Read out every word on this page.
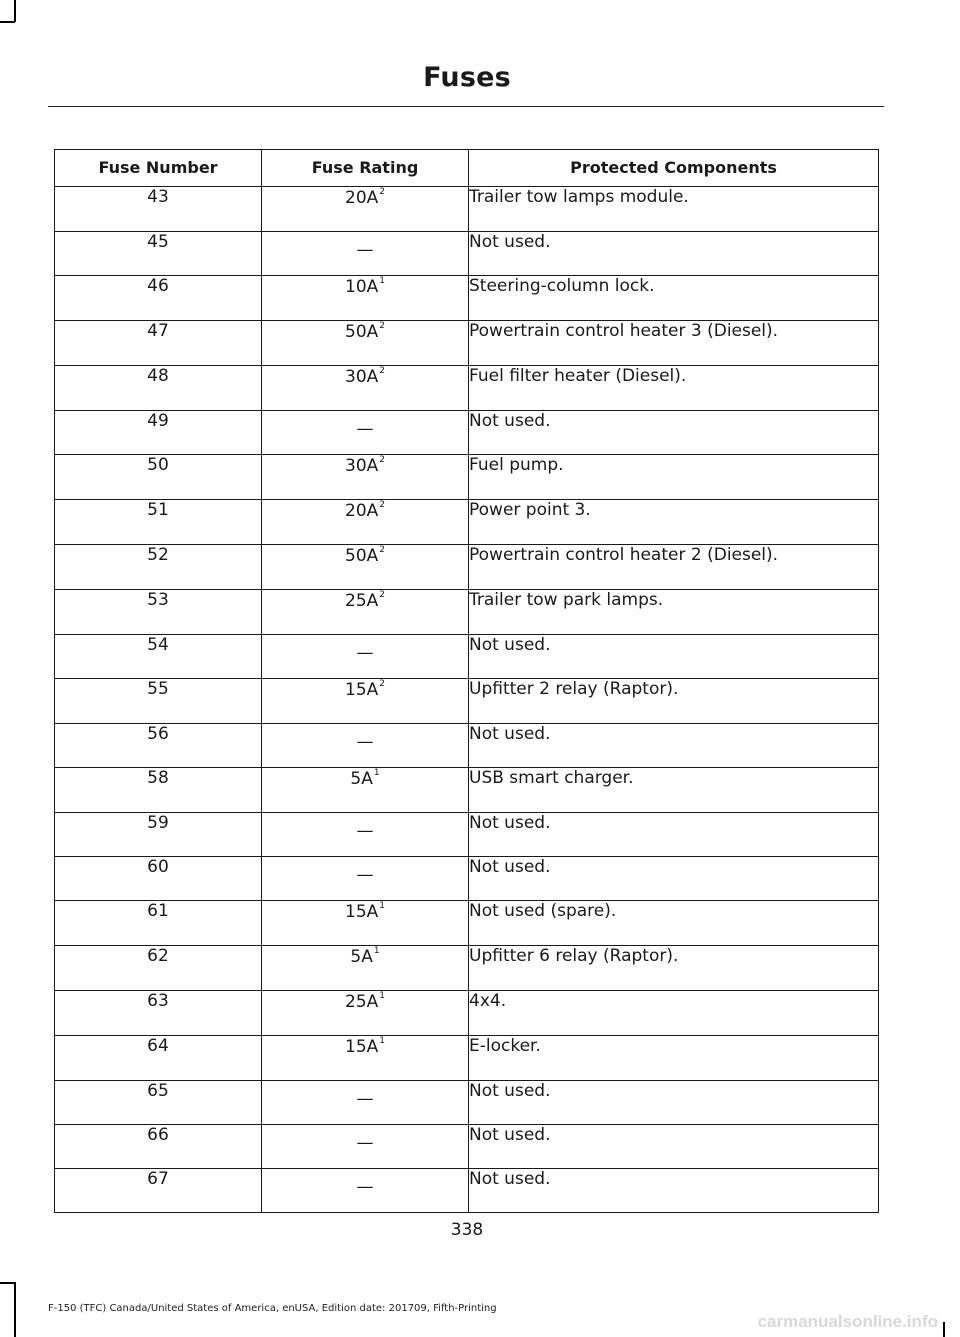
Fuses
Fuse Number	Fuse Rating	Protected Components
43	$20A^2$	Trailer tow lamps module.
45	—	Not used.
46	$10A^1$	Steering-column lock.
47	$50A^2$	Powertrain control heater 3 (Diesel).
48	$30A^2$	Fuel filter heater (Diesel).
49	—	Not used.
50	$30A^2$	Fuel pump.
51	$20A^2$	Power point 3.
52	$50A^2$	Powertrain control heater 2 (Diesel).
53	$25A^2$	Trailer tow park lamps.
54	—	Not used.
55	$15A^2$	Upfitter 2 relay (Raptor).
56	—	Not used.
58	$5A^1$	USB smart charger.
59	—	Not used.
60	—	Not used.
61	$15A^1$	Not used (spare).
62	$5A^1$	Upfitter 6 relay (Raptor).
63	$25A^1$	4x4.
64	$15A^1$	E-locker.
65	—	Not used.
66	—	Not used.
67	—	Not used.
338
F-150 (TFC) Canada/United States of America, enUSA, Edition date: 201709, Fifth-Printing
carmanualsonline.info
